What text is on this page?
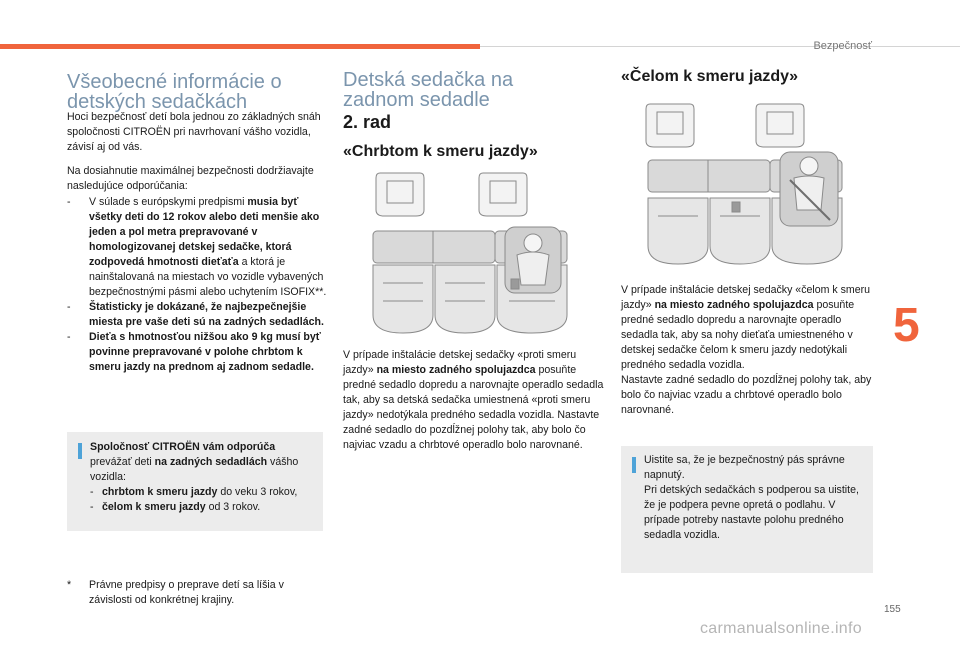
Bezpečnosť
5
155
carmanualsonline.info
Všeobecné informácie o detských sedačkách
Hoci bezpečnosť detí bola jednou zo základných snáh spoločnosti CITROËN pri navrhovaní vášho vozidla, závisí aj od vás.
Na dosiahnutie maximálnej bezpečnosti dodržiavajte nasledujúce odporúčania:
- V súlade s európskymi predpismi musia byť všetky deti do 12 rokov alebo deti menšie ako jeden a pol metra prepravované v homologizovanej detskej sedačke, ktorá zodpovedá hmotnosti dieťaťa a ktorá je nainštalovaná na miestach vo vozidle vybavených bezpečnostnými pásmi alebo uchytením ISOFIX**.
- Štatisticky je dokázané, že najbezpečnejšie miesta pre vaše deti sú na zadných sedadlách.
- Dieťa s hmotnosťou nižšou ako 9 kg musí byť povinne prepravované v polohe chrbtom k smeru jazdy na prednom aj zadnom sedadle.
Spoločnosť CITROËN vám odporúča prevážať deti na zadných sedadlách vášho vozidla:
- chrbtom k smeru jazdy do veku 3 rokov,
- čelom k smeru jazdy od 3 rokov.
*	Právne predpisy o preprave detí sa líšia v závislosti od konkrétnej krajiny.
Detská sedačka na zadnom sedadle
2. rad
«Chrbtom k smeru jazdy»
V prípade inštalácie detskej sedačky «proti smeru jazdy» na miesto zadného spolujazdca posuňte predné sedadlo dopredu a narovnajte operadlo sedadla tak, aby sa detská sedačka umiestnená «proti smeru jazdy» nedotýkala predného sedadla vozidla. Nastavte zadné sedadlo do pozdĺžnej polohy tak, aby bolo čo najviac vzadu a chrbtové operadlo bolo narovnané.
«Čelom k smeru jazdy»
V prípade inštalácie detskej sedačky «čelom k smeru jazdy» na miesto zadného spolujazdca posuňte predné sedadlo dopredu a narovnajte operadlo sedadla tak, aby sa nohy dieťaťa umiestneného v detskej sedačke čelom k smeru jazdy nedotýkali predného sedadla vozidla.
Nastavte zadné sedadlo do pozdĺžnej polohy tak, aby bolo čo najviac vzadu a chrbtové operadlo bolo narovnané.
Uistite sa, že je bezpečnostný pás správne napnutý.
Pri detských sedačkách s podperou sa uistite, že je podpera pevne opretá o podlahu. V prípade potreby nastavte polohu predného sedadla vozidla.
